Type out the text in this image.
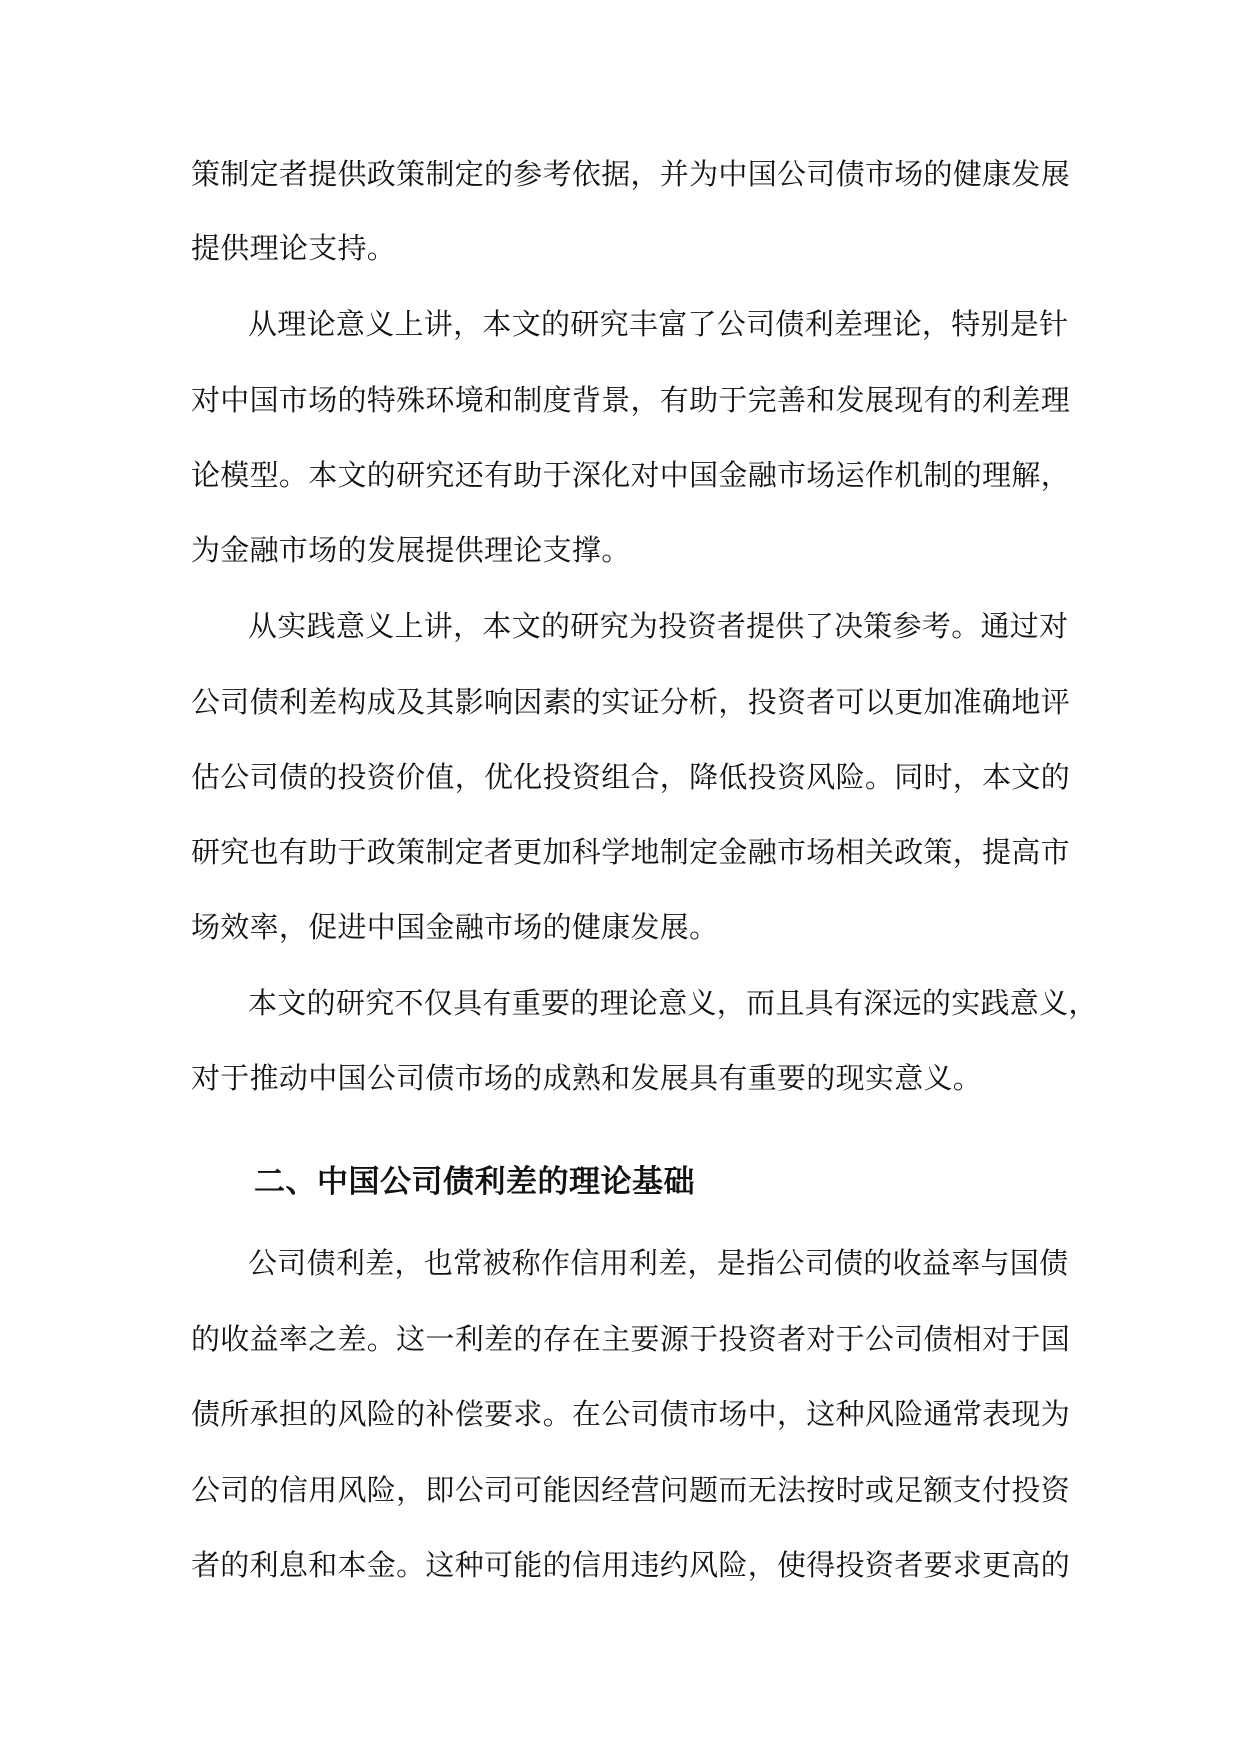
策制定者提供政策制定的参考依据，并为中国公司债市场的健康发展
提供理论支持。
从理论意义上讲，本文的研究丰富了公司债利差理论，特别是针
对中国市场的特殊环境和制度背景，有助于完善和发展现有的利差理
论模型。本文的研究还有助于深化对中国金融市场运作机制的理解，
为金融市场的发展提供理论支撑。
从实践意义上讲，本文的研究为投资者提供了决策参考。通过对
公司债利差构成及其影响因素的实证分析，投资者可以更加准确地评
估公司债的投资价值，优化投资组合，降低投资风险。同时，本文的
研究也有助于政策制定者更加科学地制定金融市场相关政策，提高市
场效率，促进中国金融市场的健康发展。
本文的研究不仅具有重要的理论意义，而且具有深远的实践意义，
对于推动中国公司债市场的成熟和发展具有重要的现实意义。
二、中国公司债利差的理论基础
公司债利差，也常被称作信用利差，是指公司债的收益率与国债
的收益率之差。这一利差的存在主要源于投资者对于公司债相对于国
债所承担的风险的补偿要求。在公司债市场中，这种风险通常表现为
公司的信用风险，即公司可能因经营问题而无法按时或足额支付投资
者的利息和本金。这种可能的信用违约风险，使得投资者要求更高的
